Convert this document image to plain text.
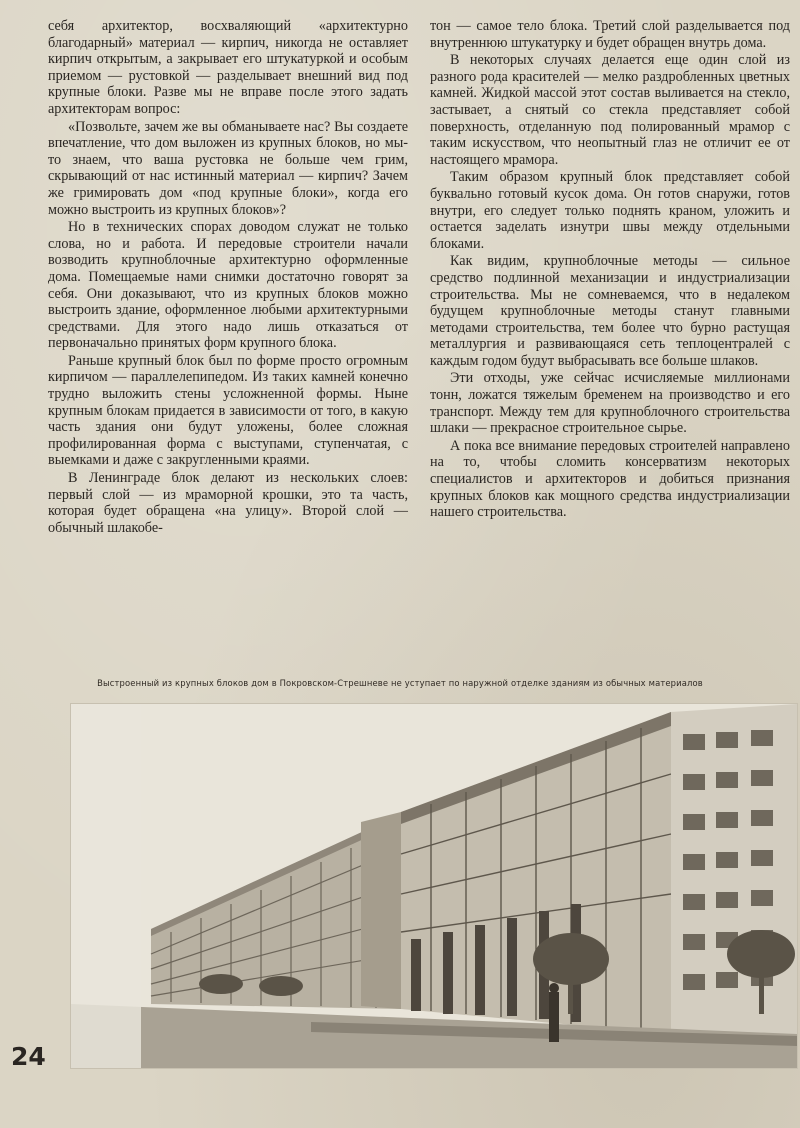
себя архитектор, восхваляющий «архитектурно благодарный» материал — кирпич, никогда не оставляет кирпич открытым, а закрывает его штукатуркой и особым приемом — рустовкой — разделывает внешний вид под крупные блоки. Разве мы не вправе после этого задать архитекторам вопрос:

«Позвольте, зачем же вы обманываете нас? Вы создаете впечатление, что дом выложен из крупных блоков, но мы-то знаем, что ваша рустовка не больше чем грим, скрывающий от нас истинный материал — кирпич? Зачем же гримировать дом «под крупные блоки», когда его можно выстроить из крупных блоков»?

Но в технических спорах доводом служат не только слова, но и работа. И передовые строители начали возводить крупноблочные архитектурно оформленные дома. Помещаемые нами снимки достаточно говорят за себя. Они доказывают, что из крупных блоков можно выстроить здание, оформленное любыми архитектурными средствами. Для этого надо лишь отказаться от первоначально принятых форм крупного блока.

Раньше крупный блок был по форме просто огромным кирпичом — параллелепипедом. Из таких камней конечно трудно выложить стены усложненной формы. Ныне крупным блокам придается в зависимости от того, в какую часть здания они будут уложены, более сложная профилированная форма с выступами, ступенчатая, с выемками и даже с закругленными краями.

В Ленинграде блок делают из нескольких слоев: первый слой — из мраморной крошки, это та часть, которая будет обращена «на улицу». Второй слой — обычный шлакобе-

тон — самое тело блока. Третий слой разделывается под внутреннюю штукатурку и будет обращен внутрь дома.

В некоторых случаях делается еще один слой из разного рода красителей — мелко раздробленных цветных камней. Жидкой массой этот состав выливается на стекло, застывает, а снятый со стекла представляет собой поверхность, отделанную под полированный мрамор с таким искусством, что неопытный глаз не отличит ее от настоящего мрамора.

Таким образом крупный блок представляет собой буквально готовый кусок дома. Он готов снаружи, готов внутри, его следует только поднять краном, уложить и остается заделать изнутри швы между отдельными блоками.

Как видим, крупноблочные методы — сильное средство подлинной механизации и индустриализации строительства. Мы не сомневаемся, что в недалеком будущем крупноблочные методы станут главными методами строительства, тем более что бурно растущая металлургия и развивающаяся сеть теплоцентралей с каждым годом будут выбрасывать все больше шлаков.

Эти отходы, уже сейчас исчисляемые миллионами тонн, ложатся тяжелым бременем на производство и его транспорт. Между тем для крупноблочного строительства шлаки — прекрасное строительное сырье.

А пока все внимание передовых строителей направлено на то, чтобы сломить консерватизм некоторых специалистов и архитекторов и добиться признания крупных блоков как мощного средства индустриализации нашего строительства.

Выстроенный из крупных блоков дом в Покровском-Стрешневе не уступает по наружной отделке зданиям из обычных материалов
24
